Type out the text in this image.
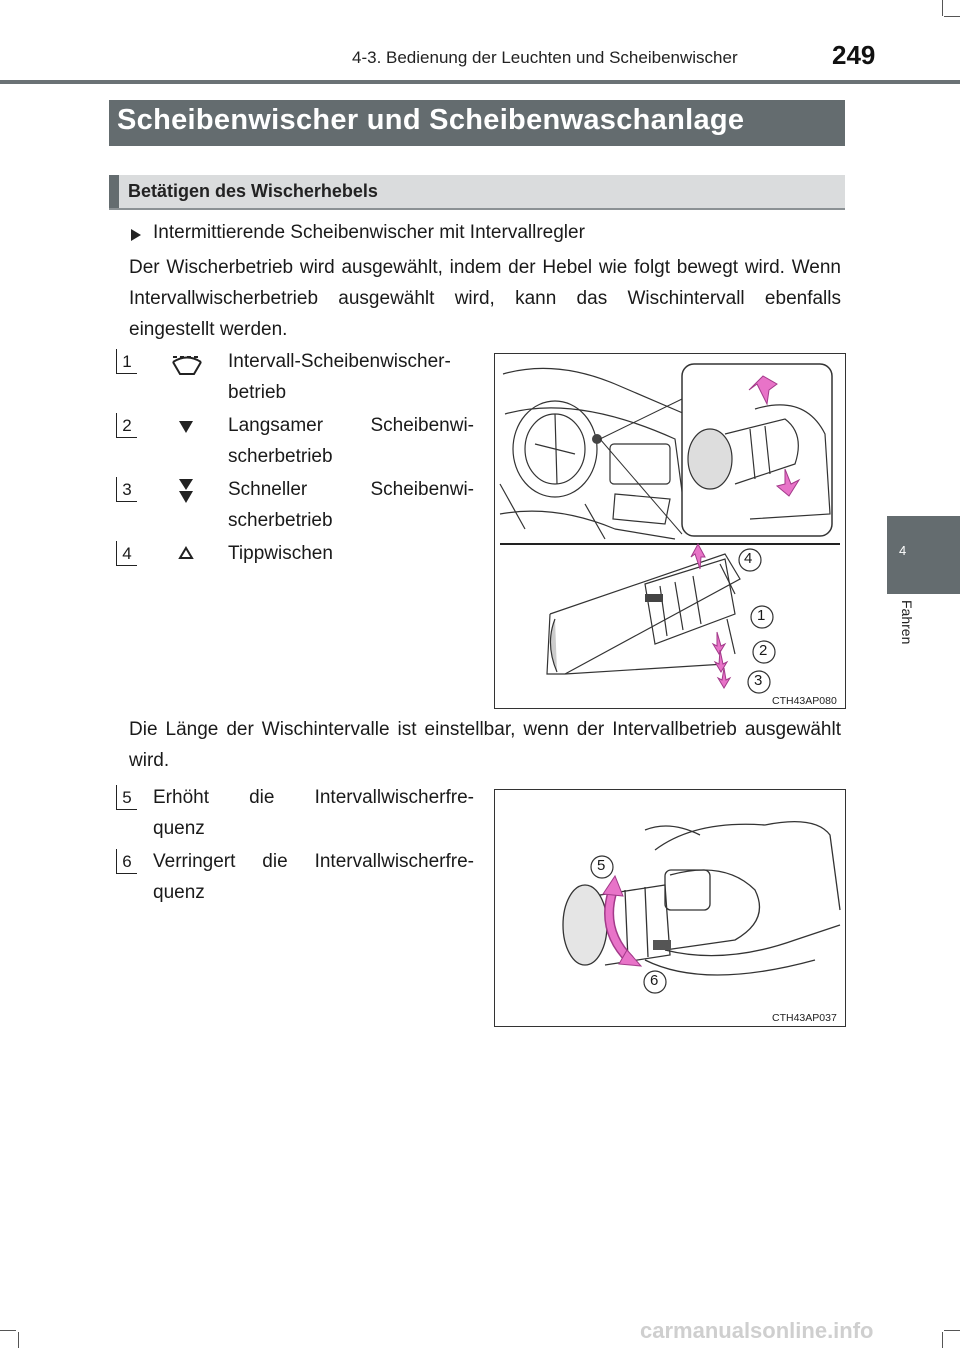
4-3. Bedienung der Leuchten und Scheibenwischer	249
Scheibenwischer und Scheibenwaschanlage
Betätigen des Wischerhebels
Intermittierende Scheibenwischer mit Intervallregler
Der Wischerbetrieb wird ausgewählt, indem der Hebel wie folgt bewegt wird. Wenn Intervallwischerbetrieb ausgewählt wird, kann das Wischintervall ebenfalls eingestellt werden.
1	Intervall-Scheibenwischer-
betrieb
2	Langsamer Scheibenwi-
scherbetrieb
3	Schneller Scheibenwi-
scherbetrieb
4	Tippwischen	4
1
2
3
CTH43AP080
Die Länge der Wischintervalle ist einstellbar, wenn der Intervallbetrieb ausgewählt wird.
5 Erhöht die Intervallwischerfre-
quenz
6 Verringert die Intervallwischerfre-
quenz
5
6
CTH43AP037
4
Fahren
carmanualsonline.info
